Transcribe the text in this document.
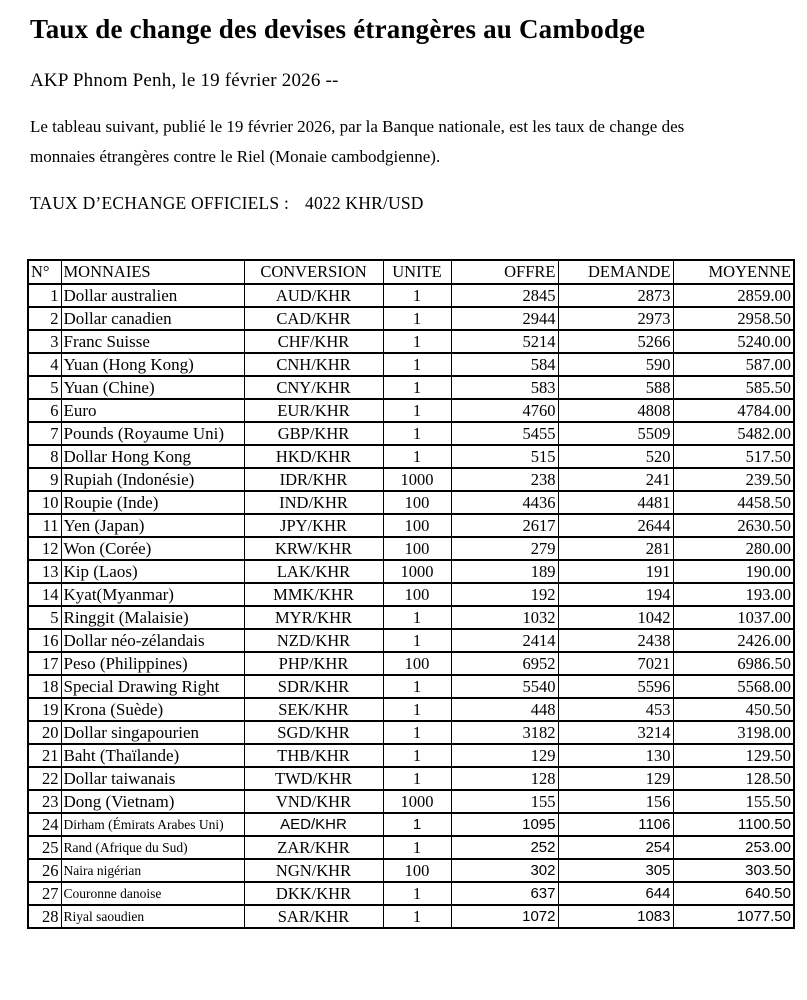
Taux de change des devises étrangères au Cambodge
AKP Phnom Penh, le 19 février 2026 --
Le tableau suivant, publié le 19 février 2026, par la Banque nationale, est les taux de change des
monnaies étrangères contre le Riel (Monaie cambodgienne).
TAUX D’ECHANGE OFFICIELS : 4022 KHR/USD
N°	MONNAIES	CONVERSION	UNITE	OFFRE	DEMANDE	MOYENNE
1	Dollar australien	AUD/KHR	1	2845	2873	2859.00
2	Dollar canadien	CAD/KHR	1	2944	2973	2958.50
3	Franc Suisse	CHF/KHR	1	5214	5266	5240.00
4	Yuan (Hong Kong)	CNH/KHR	1	584	590	587.00
5	Yuan (Chine)	CNY/KHR	1	583	588	585.50
6	Euro	EUR/KHR	1	4760	4808	4784.00
7	Pounds (Royaume Uni)	GBP/KHR	1	5455	5509	5482.00
8	Dollar Hong Kong	HKD/KHR	1	515	520	517.50
9	Rupiah (Indonésie)	IDR/KHR	1000	238	241	239.50
10	Roupie (Inde)	IND/KHR	100	4436	4481	4458.50
11	Yen (Japan)	JPY/KHR	100	2617	2644	2630.50
12	Won (Corée)	KRW/KHR	100	279	281	280.00
13	Kip (Laos)	LAK/KHR	1000	189	191	190.00
14	Kyat(Myanmar)	MMK/KHR	100	192	194	193.00
5	Ringgit (Malaisie)	MYR/KHR	1	1032	1042	1037.00
16	Dollar néo-zélandais	NZD/KHR	1	2414	2438	2426.00
17	Peso (Philippines)	PHP/KHR	100	6952	7021	6986.50
18	Special Drawing Right	SDR/KHR	1	5540	5596	5568.00
19	Krona (Suède)	SEK/KHR	1	448	453	450.50
20	Dollar singapourien	SGD/KHR	1	3182	3214	3198.00
21	Baht (Thaïlande)	THB/KHR	1	129	130	129.50
22	Dollar taiwanais	TWD/KHR	1	128	129	128.50
23	Dong (Vietnam)	VND/KHR	1000	155	156	155.50
24	Dirham (Émirats Arabes Uni)	AED/KHR	1	1095	1106	1100.50
25	Rand (Afrique du Sud)	ZAR/KHR	1	252	254	253.00
26	Naira nigérian	NGN/KHR	100	302	305	303.50
27	Couronne danoise	DKK/KHR	1	637	644	640.50
28	Riyal saoudien	SAR/KHR	1	1072	1083	1077.50
